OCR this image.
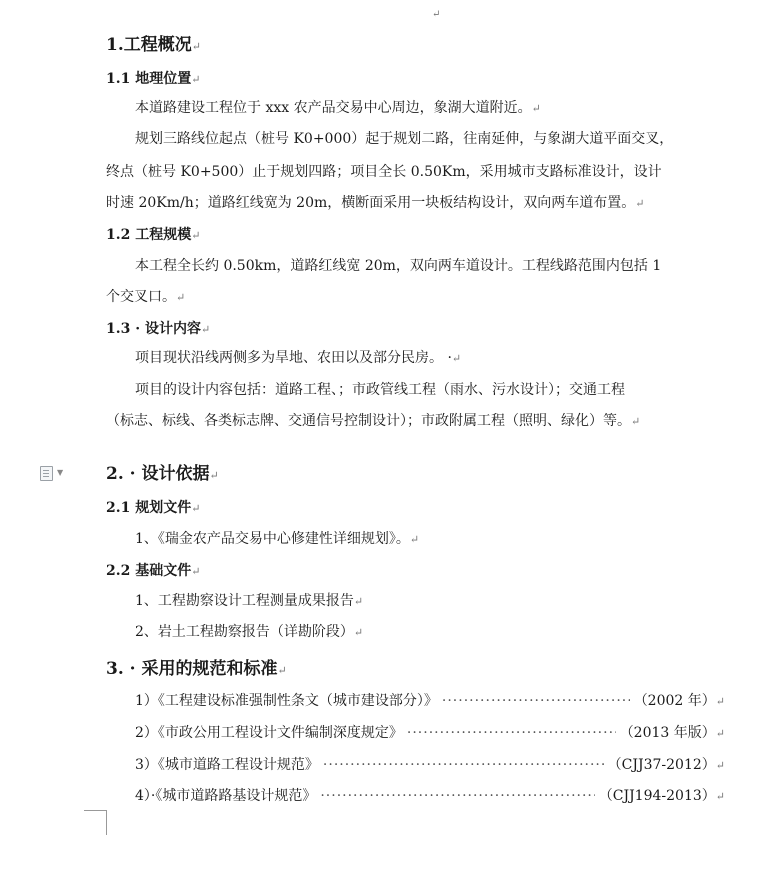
↵
1.工程概况↵
1.1 地理位置↵
本道路建设工程位于 xxx 农产品交易中心周边，象湖大道附近。↵
规划三路线位起点（桩号 K0+000）起于规划二路，往南延伸，与象湖大道平面交叉，
终点（桩号 K0+500）止于规划四路；项目全长 0.50Km，采用城市支路标准设计，设计
时速 20Km/h；道路红线宽为 20m，横断面采用一块板结构设计，双向两车道布置。↵
1.2 工程规模↵
本工程全长约 0.50km，道路红线宽 20m，双向两车道设计。工程线路范围内包括 1
个交叉口。↵
1.3 · 设计内容↵
项目现状沿线两侧多为旱地、农田以及部分民房。 ·↵
项目的设计内容包括：道路工程、；市政管线工程（雨水、污水设计）；交通工程
（标志、标线、各类标志牌、交通信号控制设计）；市政附属工程（照明、绿化）等。↵
▼	2. · 设计依据↵
2.1 规划文件↵
1、《瑞金农产品交易中心修建性详细规划》。↵
2.2 基础文件↵
1、工程勘察设计工程测量成果报告↵
2、岩土工程勘察报告（详勘阶段）↵
3. · 采用的规范和标准↵
1）《工程建设标准强制性条文（城市建设部分）》 ·····	（2002 年） ↵
2）《市政公用工程设计文件编制深度规定》 ·····	（2013 年版） ↵
3）《城市道路工程设计规范》 ·····	（CJJ37-2012） ↵
4）·《城市道路路基设计规范》 ·····	（CJJ194-2013） ↵
